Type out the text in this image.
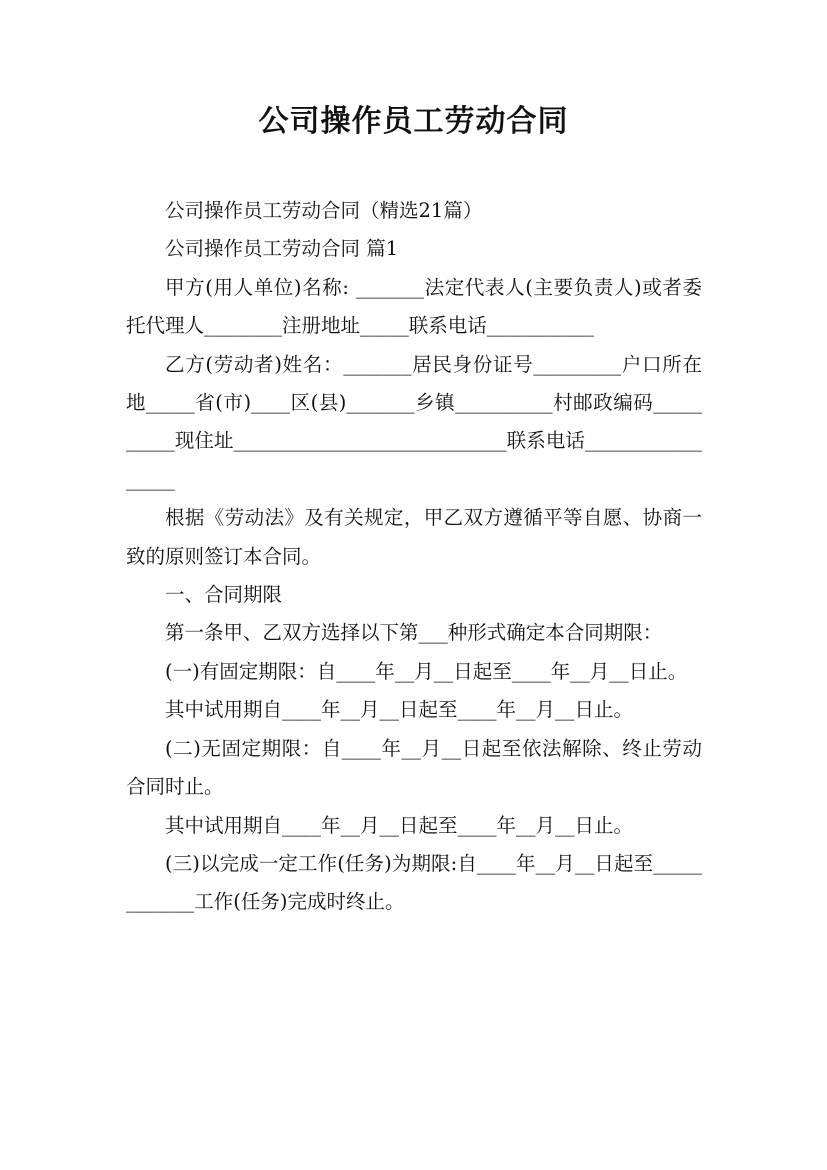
公司操作员工劳动合同

公司操作员工劳动合同（精选21篇）

公司操作员工劳动合同 篇1

甲方(用人单位)名称: _______法定代表人(主要负责人)或者委托代理人________注册地址_____联系电话___________

乙方(劳动者)姓名：_______居民身份证号_________户口所在地_____省(市)____区(县)_______乡镇__________村邮政编码__________现住址____________________________联系电话_________________

根据《劳动法》及有关规定，甲乙双方遵循平等自愿、协商一致的原则签订本合同。

一、合同期限

第一条甲、乙双方选择以下第___种形式确定本合同期限：

(一)有固定期限：自____年__月__日起至____年__月__日止。

其中试用期自____年__月__日起至____年__月__日止。

(二)无固定期限：自____年__月__日起至依法解除、终止劳动合同时止。

其中试用期自____年__月__日起至____年__月__日止。

(三)以完成一定工作(任务)为期限:自____年__月__日起至____________工作(任务)完成时终止。
